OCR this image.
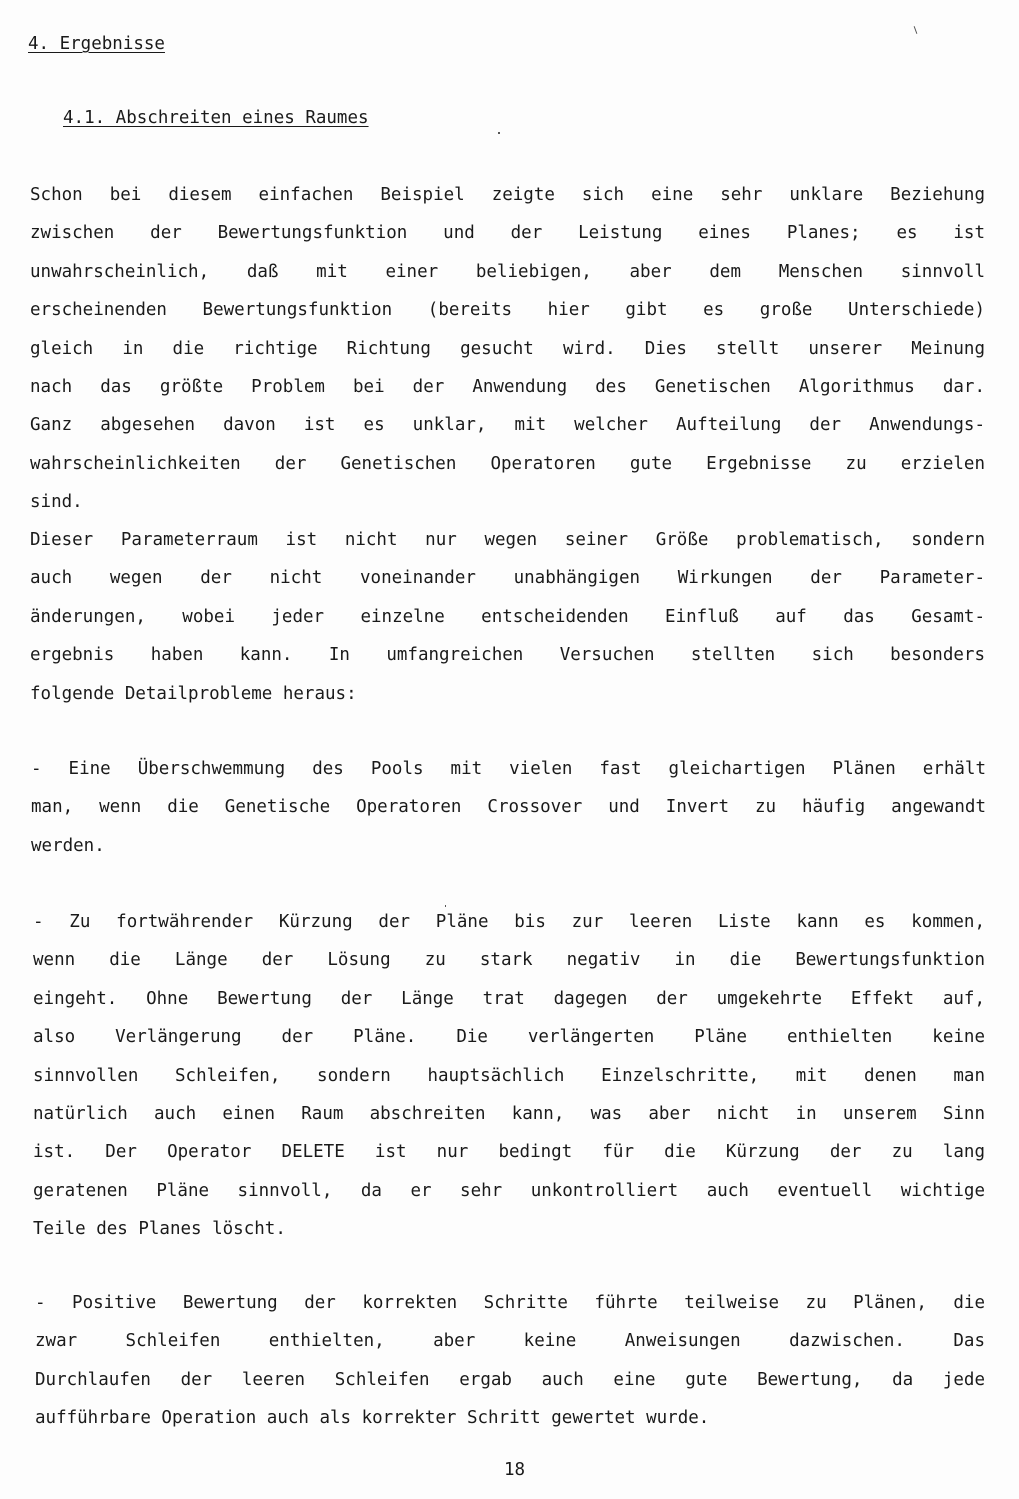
4. Ergebnisse
4.1. Abschreiten eines Raumes
Schon bei diesem einfachen Beispiel zeigte sich eine sehr unklare Beziehung
zwischen der Bewertungsfunktion und der Leistung eines Planes; es ist
unwahrscheinlich, daß mit einer beliebigen, aber dem Menschen sinnvoll
erscheinenden Bewertungsfunktion (bereits hier gibt es große Unterschiede)
gleich in die richtige Richtung gesucht wird. Dies stellt unserer Meinung
nach das größte Problem bei der Anwendung des Genetischen Algorithmus dar.
Ganz abgesehen davon ist es unklar, mit welcher Aufteilung der Anwendungs-
wahrscheinlichkeiten der Genetischen Operatoren gute Ergebnisse zu erzielen
sind.
Dieser Parameterraum ist nicht nur wegen seiner Größe problematisch, sondern
auch wegen der nicht voneinander unabhängigen Wirkungen der Parameter-
änderungen, wobei jeder einzelne entscheidenden Einfluß auf das Gesamt-
ergebnis haben kann. In umfangreichen Versuchen stellten sich besonders
folgende Detailprobleme heraus:
- Eine Überschwemmung des Pools mit vielen fast gleichartigen Plänen erhält
man, wenn die Genetische Operatoren Crossover und Invert zu häufig angewandt
werden.
- Zu fortwährender Kürzung der Pläne bis zur leeren Liste kann es kommen,
wenn die Länge der Lösung zu stark negativ in die Bewertungsfunktion
eingeht. Ohne Bewertung der Länge trat dagegen der umgekehrte Effekt auf,
also Verlängerung der Pläne. Die verlängerten Pläne enthielten keine
sinnvollen Schleifen, sondern hauptsächlich Einzelschritte, mit denen man
natürlich auch einen Raum abschreiten kann, was aber nicht in unserem Sinn
ist. Der Operator DELETE ist nur bedingt für die Kürzung der zu lang
geratenen Pläne sinnvoll, da er sehr unkontrolliert auch eventuell wichtige
Teile des Planes löscht.
- Positive Bewertung der korrekten Schritte führte teilweise zu Plänen, die
zwar Schleifen enthielten, aber keine Anweisungen dazwischen. Das
Durchlaufen der leeren Schleifen ergab auch eine gute Bewertung, da jede
aufführbare Operation auch als korrekter Schritt gewertet wurde.
18
